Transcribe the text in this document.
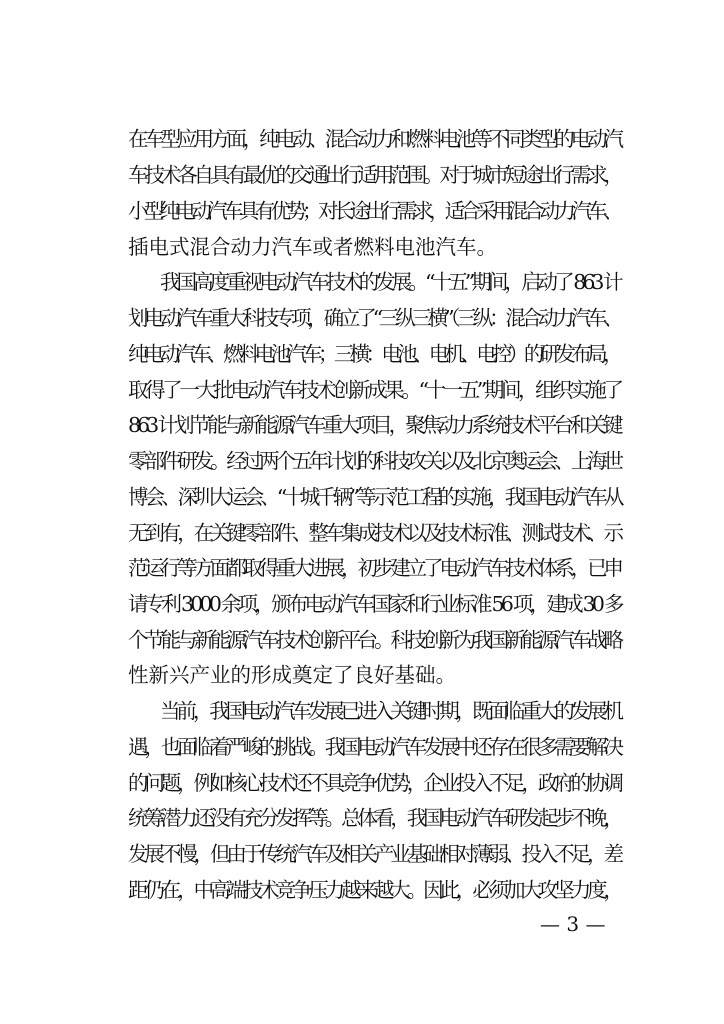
在车型应用方面，纯电动、混合动力和燃料电池等不同类型的电动汽
车技术各自具有最优的交通出行适用范围。对于城市短途出行需求，
小型纯电动汽车具有优势；对长途出行需求，适合采用混合动力汽车、
插电式混合动力汽车或者燃料电池汽车。
我国高度重视电动汽车技术的发展。“十五”期间，启动了 863 计
划电动汽车重大科技专项，确立了“三纵三横”（三纵：混合动力汽车、
纯电动汽车、燃料电池汽车；三横：电池、电机、电控）的研发布局，
取得了一大批电动汽车技术创新成果。“十一五”期间，组织实施了
863 计划节能与新能源汽车重大项目，聚焦动力系统技术平台和关键
零部件研发。经过两个五年计划的科技攻关以及北京奥运会、上海世
博会、深圳大运会、“十城千辆”等示范工程的实施，我国电动汽车从
无到有，在关键零部件、整车集成技术以及技术标准、测试技术、示
范运行等方面都取得重大进展，初步建立了电动汽车技术体系，已申
请专利 3000 余项，颁布电动汽车国家和行业标准 56 项，建成 30 多
个节能与新能源汽车技术创新平台。科技创新为我国新能源汽车战略
性新兴产业的形成奠定了良好基础。
当前，我国电动汽车发展已进入关键时期，既面临重大的发展机
遇，也面临着严峻的挑战。我国电动汽车发展中还存在很多需要解决
的问题，例如核心技术还不具竞争优势，企业投入不足，政府的协调
统筹潜力还没有充分发挥等。总体看，我国电动汽车研发起步不晚，
发展不慢，但由于传统汽车及相关产业基础相对薄弱、投入不足，差
距仍在，中高端技术竞争压力越来越大。因此，必须加大攻坚力度，
— 3 —
